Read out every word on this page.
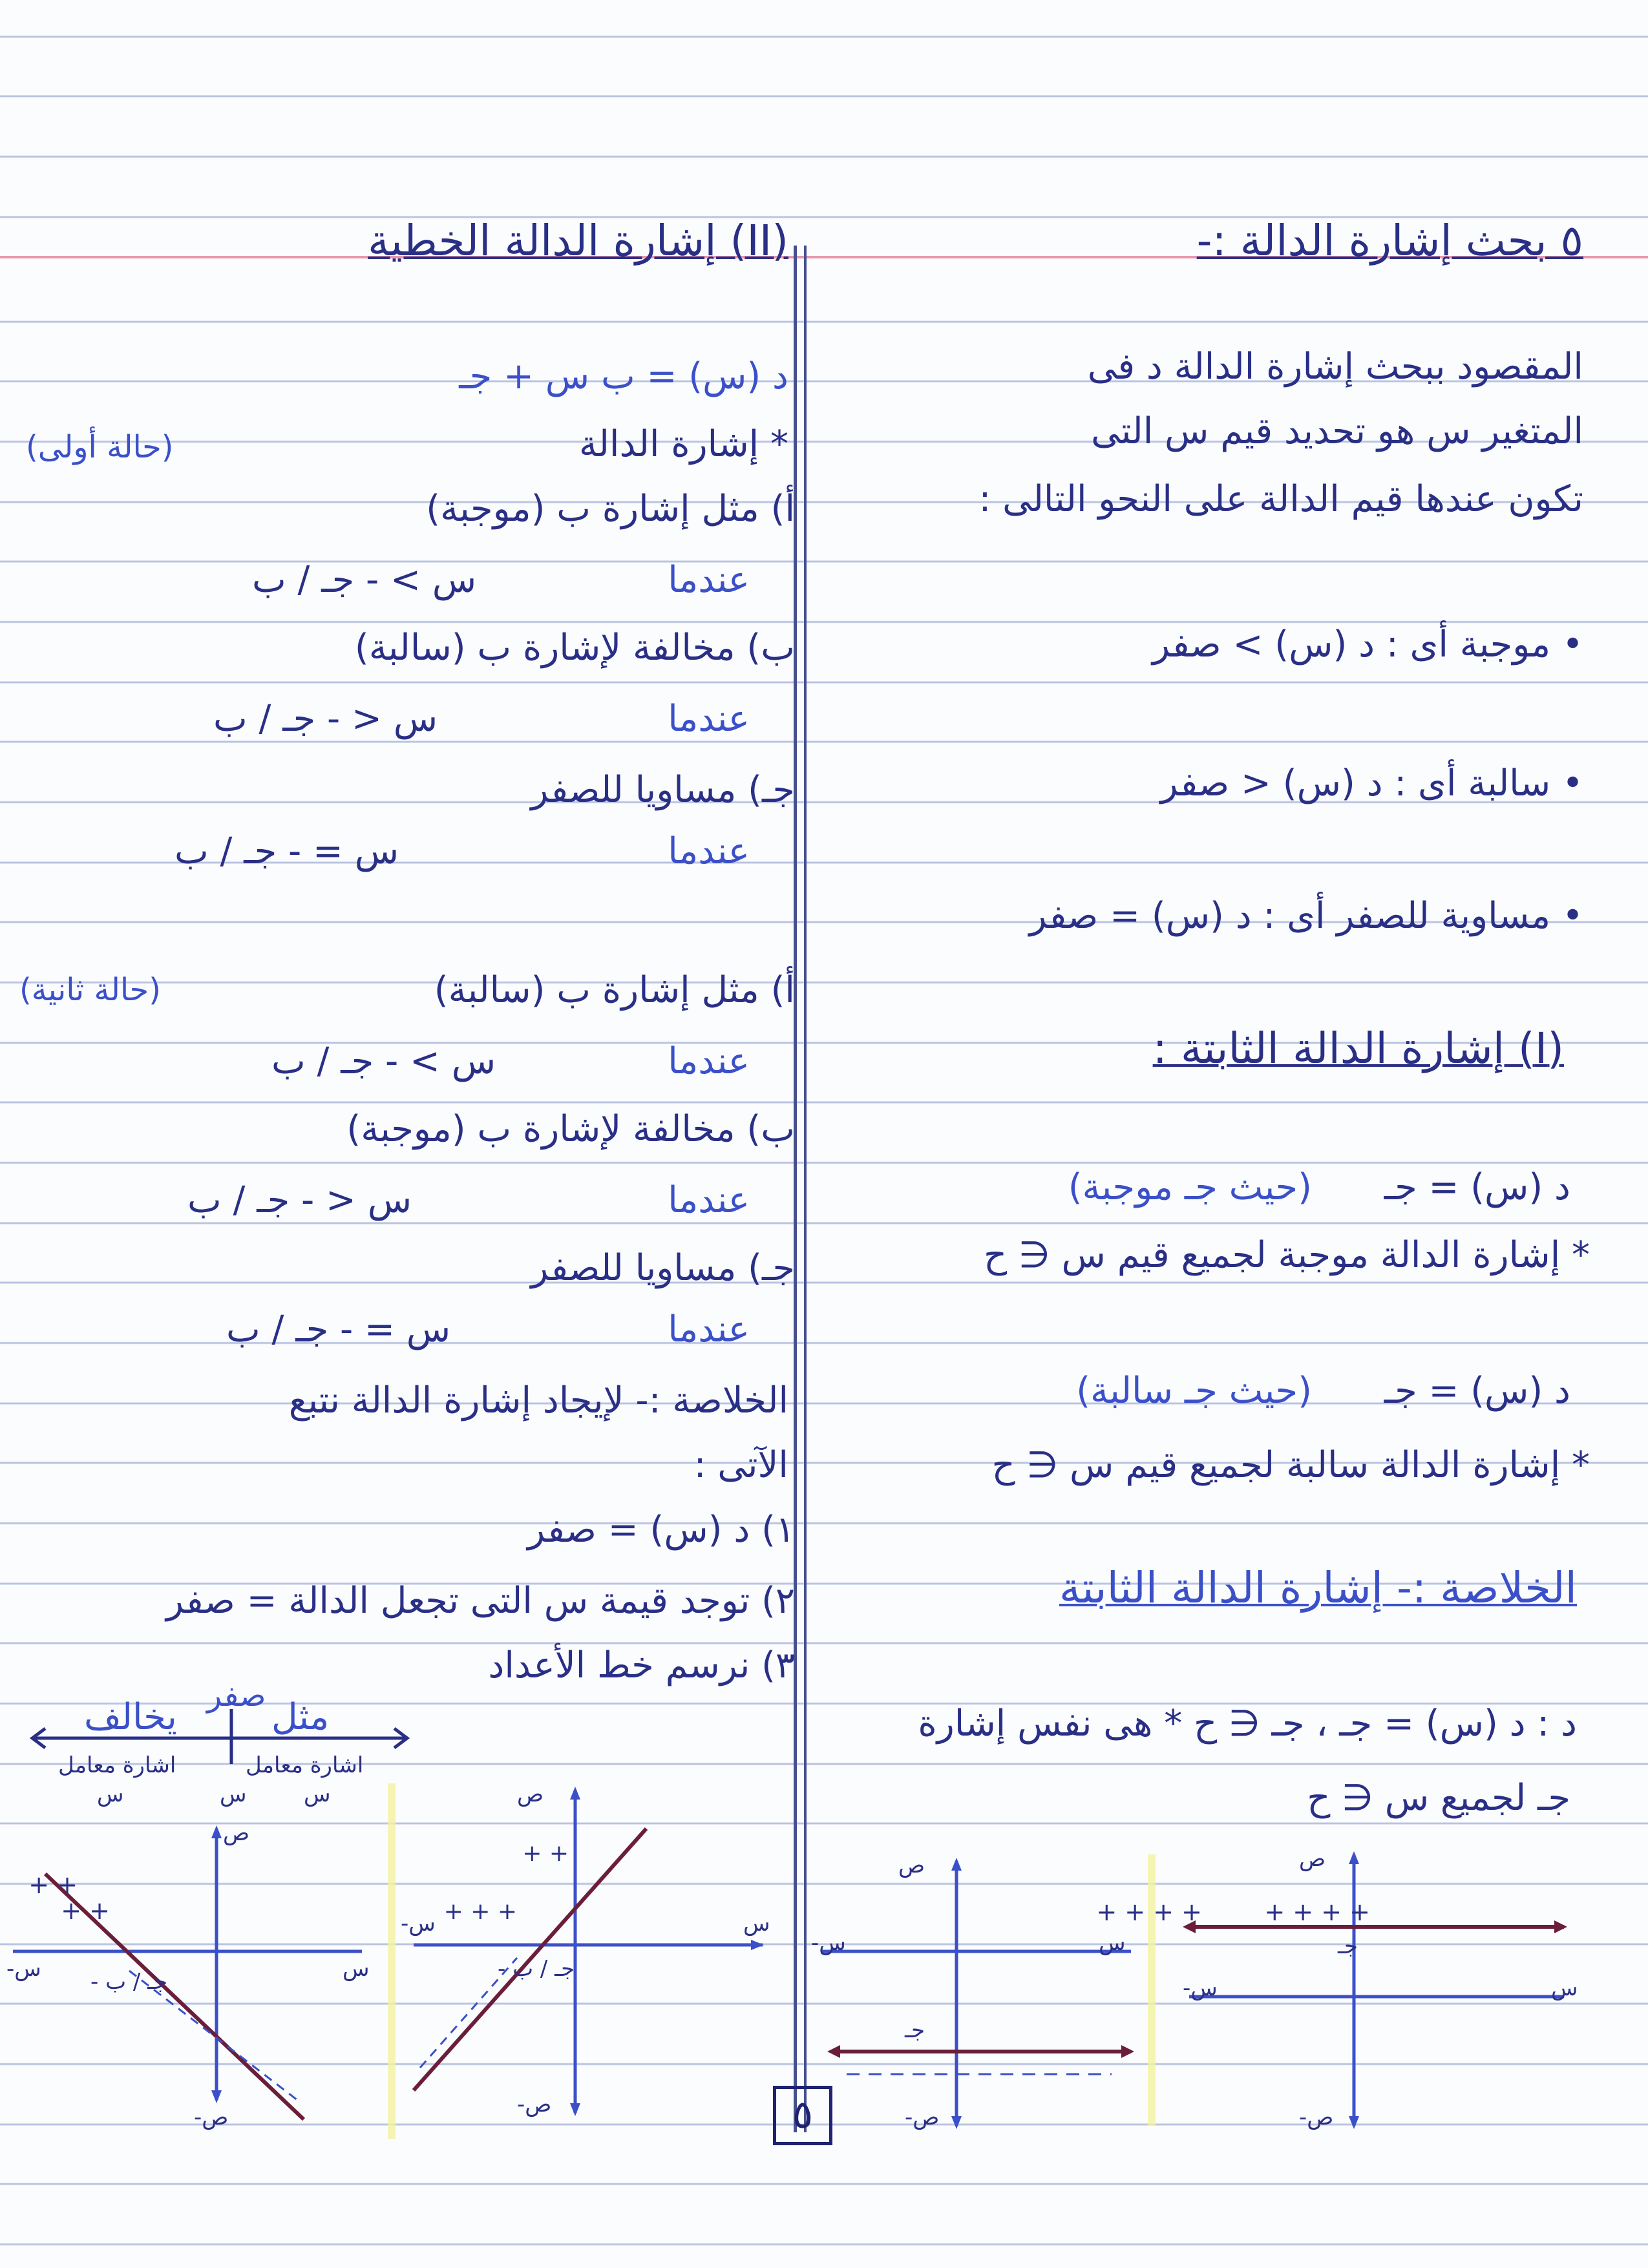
٥ بحث إشارة الدالة :-
المقصود ببحث إشارة الدالة د فى
المتغير س هو تحديد قيم س التى
تكون عندها قيم الدالة على النحو التالى :
• موجبة أى : د (س) > صفر
• سالبة أى : د (س) < صفر
• مساوية للصفر أى : د (س) = صفر
(I) إشارة الدالة الثابتة :
د (س) = جـ
(حيث جـ موجبة)
* إشارة الدالة موجبة لجميع قيم س ∈ ح
د (س) = جـ
(حيث جـ سالبة)
* إشارة الدالة سالبة لجميع قيم س ∈ ح
الخلاصة :- إشارة الدالة الثابتة
د : د (س) = جـ ، جـ ∈ ح * هى نفس إشارة
جـ لجميع س ∈ ح
(II) إشارة الدالة الخطية
د (س) = ب س + جـ
* إشارة الدالة
(حالة أولى)
أ) مثل إشارة ب (موجبة)
عندما
س > - جـ / ب
ب) مخالفة لإشارة ب (سالبة)
عندما
س < - جـ / ب
جـ) مساويا للصفر
عندما
س = - جـ / ب
أ) مثل إشارة ب (سالبة)
(حالة ثانية)
عندما
س > - جـ / ب
ب) مخالفة لإشارة ب (موجبة)
عندما
س < - جـ / ب
جـ) مساويا للصفر
عندما
س = - جـ / ب
الخلاصة :- لإيجاد إشارة الدالة نتبع
الآتى :
١) د (س) = صفر
٢) توجد قيمة س التى تجعل الدالة = صفر
٣) نرسم خط الأعداد
صفر
مثل
يخالف
اشارة معامل
اشارة معامل
س
س
س
+ +
+ +
ص
ص-
س
س- - جـ / ب
+ +
+ + +
ص
ص-
س
س-
- جـ / ب
ص
ص-
س
س-
جـ
+ + + +	+ + + +
ص
ص-
س
س-
جـ
٥
